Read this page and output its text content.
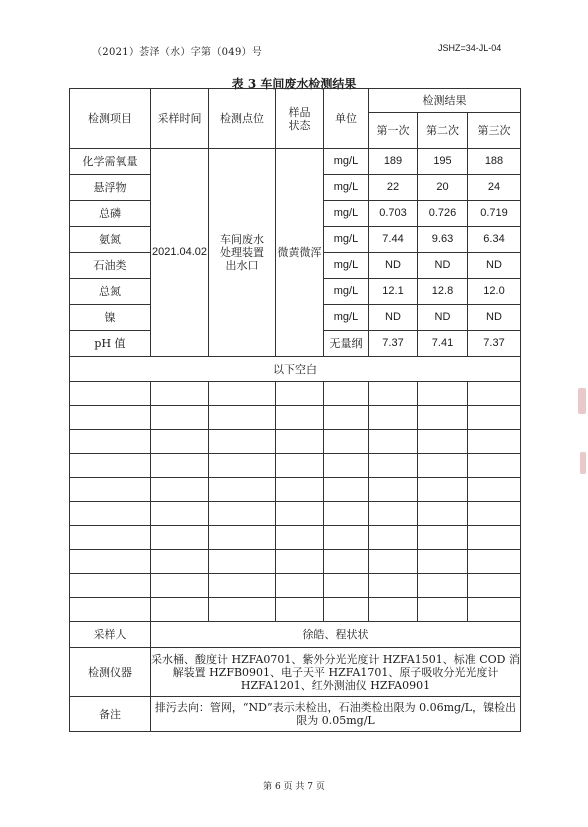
（2021）荟泽（水）字第（049）号	JSHZ=34-JL-04
表 3 车间废水检测结果
检测项目	采样时间	检测点位	样品状态	单位	检测结果		
					第一次	第二次	第三次
化学需氧量	2021.04.02	车间废水处理装置出水口	微黄微浑	mg/L	189	195	188
悬浮物				mg/L	22	20	24
总磷				mg/L	0.703	0.726	0.719
氨氮				mg/L	7.44	9.63	6.34
石油类				mg/L	ND	ND	ND
总氮				mg/L	12.1	12.8	12.0
镍				mg/L	ND	ND	ND
pH 值				无量纲	7.37	7.41	7.37
以下空白							

采样人	徐皓、程状状						
检测仪器	采水桶、酸度计 HZFA0701、紫外分光光度计 HZFA1501、标准 COD 消解装置 HZFB0901、电子天平 HZFA1701、原子吸收分光光度计 HZFA1201、红外测油仪 HZFA0901						
备注	排污去向：管网，“ND”表示未检出，石油类检出限为 0.06mg/L，镍检出限为 0.05mg/L						
第 6 页 共 7 页
